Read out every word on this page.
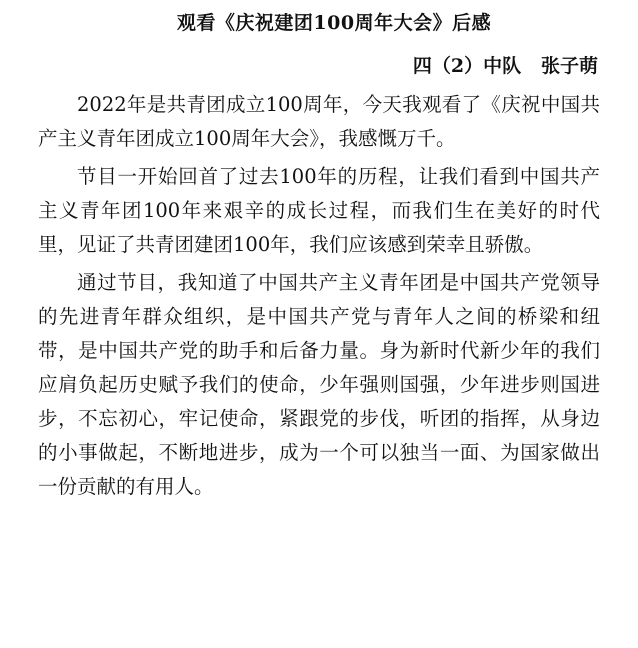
观看《庆祝建团100周年大会》后感
四（2）中队   张子萌

2022年是共青团成立100周年，今天我观看了《庆祝中国共产主义青年团成立100周年大会》，我感慨万千。

节目一开始回首了过去100年的历程，让我们看到中国共产主义青年团100年来艰辛的成长过程，而我们生在美好的时代里，见证了共青团建团100年，我们应该感到荣幸且骄傲。

通过节目，我知道了中国共产主义青年团是中国共产党领导的先进青年群众组织，是中国共产党与青年人之间的桥梁和纽带，是中国共产党的助手和后备力量。身为新时代新少年的我们应肩负起历史赋予我们的使命，少年强则国强，少年进步则国进步，不忘初心，牢记使命，紧跟党的步伐，听团的指挥，从身边的小事做起，不断地进步，成为一个可以独当一面、为国家做出一份贡献的有用人。
